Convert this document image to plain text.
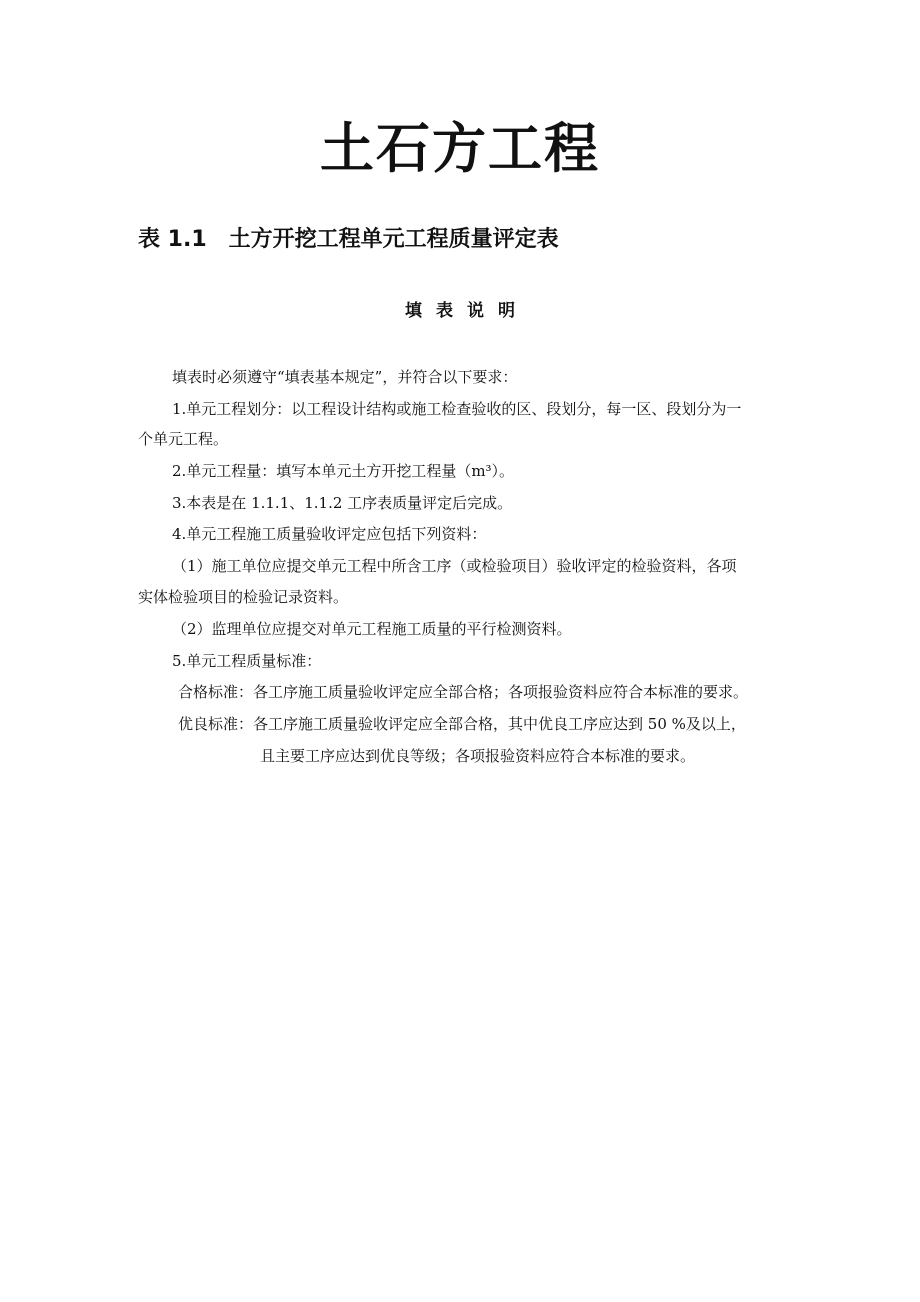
土石方工程
表 1.1 土方开挖工程单元工程质量评定表
填表说明
填表时必须遵守“填表基本规定”，并符合以下要求：
1.单元工程划分：以工程设计结构或施工检查验收的区、段划分，每一区、段划分为一
个单元工程。
2.单元工程量：填写本单元土方开挖工程量（m³）。
3.本表是在 1.1.1、1.1.2 工序表质量评定后完成。
4.单元工程施工质量验收评定应包括下列资料：
（1）施工单位应提交单元工程中所含工序（或检验项目）验收评定的检验资料，各项
实体检验项目的检验记录资料。
（2）监理单位应提交对单元工程施工质量的平行检测资料。
5.单元工程质量标准：
合格标准：各工序施工质量验收评定应全部合格；各项报验资料应符合本标准的要求。
优良标准：各工序施工质量验收评定应全部合格，其中优良工序应达到 50 %及以上，
且主要工序应达到优良等级；各项报验资料应符合本标准的要求。
